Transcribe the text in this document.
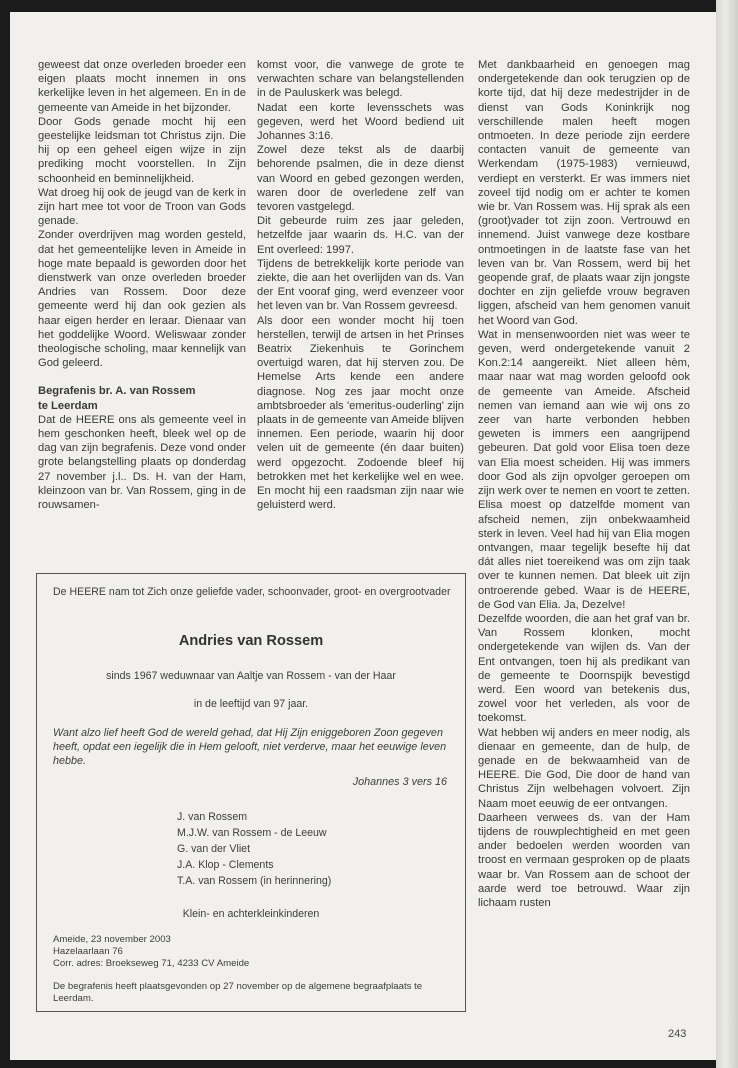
geweest dat onze overleden broeder een eigen plaats mocht innemen in ons kerkelijke leven in het algemeen. En in de gemeente van Ameide in het bijzonder.

Door Gods genade mocht hij een geestelijke leidsman tot Christus zijn. Die hij op een geheel eigen wijze in zijn prediking mocht voorstellen. In Zijn schoonheid en beminnelijkheid.

Wat droeg hij ook de jeugd van de kerk in zijn hart mee tot voor de Troon van Gods genade.

Zonder overdrijven mag worden gesteld, dat het gemeentelijke leven in Ameide in hoge mate bepaald is geworden door het dienstwerk van onze overleden broeder Andries van Rossem. Door deze gemeente werd hij dan ook gezien als haar eigen herder en leraar. Dienaar van het goddelijke Woord. Weliswaar zonder theologische scholing, maar kennelijk van God geleerd.

Begrafenis br. A. van Rossem
te Leerdam

Dat de HEERE ons als gemeente veel in hem geschonken heeft, bleek wel op de dag van zijn begrafenis. Deze vond onder grote belangstelling plaats op donderdag 27 november j.l.. Ds. H. van der Ham, kleinzoon van br. Van Rossem, ging in de rouwsamen-

komst voor, die vanwege de grote te verwachten schare van belangstellenden in de Pauluskerk was belegd.

Nadat een korte levensschets was gegeven, werd het Woord bediend uit Johannes 3:16.

Zowel deze tekst als de daarbij behorende psalmen, die in deze dienst van Woord en gebed gezongen werden, waren door de overledene zelf van tevoren vastgelegd.

Dit gebeurde ruim zes jaar geleden, hetzelfde jaar waarin ds. H.C. van der Ent overleed: 1997.

Tijdens de betrekkelijk korte periode van ziekte, die aan het overlijden van ds. Van der Ent vooraf ging, werd evenzeer voor het leven van br. Van Rossem gevreesd.

Als door een wonder mocht hij toen herstellen, terwijl de artsen in het Prinses Beatrix Ziekenhuis te Gorinchem overtuigd waren, dat hij sterven zou. De Hemelse Arts kende een andere diagnose. Nog zes jaar mocht onze ambtsbroeder als 'emeritus-ouderling' zijn plaats in de gemeente van Ameide blijven innemen. Een periode, waarin hij door velen uit de gemeente (én daar buiten) werd opgezocht. Zodoende bleef hij betrokken met het kerkelijke wel en wee. En mocht hij een raadsman zijn naar wie geluisterd werd.

Met dankbaarheid en genoegen mag ondergetekende dan ook terugzien op de korte tijd, dat hij deze medestrijder in de dienst van Gods Koninkrijk nog verschillende malen heeft mogen ontmoeten. In deze periode zijn eerdere contacten vanuit de gemeente van Werkendam (1975-1983) vernieuwd, verdiept en versterkt. Er was immers niet zoveel tijd nodig om er achter te komen wie br. Van Rossem was. Hij sprak als een (groot)vader tot zijn zoon. Vertrouwd en innemend. Juist vanwege deze kostbare ontmoetingen in de laatste fase van het leven van br. Van Rossem, werd bij het geopende graf, de plaats waar zijn jongste dochter en zijn geliefde vrouw begraven liggen, afscheid van hem genomen vanuit het Woord van God.

Wat in mensenwoorden niet was weer te geven, werd ondergetekende vanuit 2 Kon.2:14 aangereikt. Niet alleen hèm, maar naar wat mag worden geloofd ook de gemeente van Ameide. Afscheid nemen van iemand aan wie wij ons zo zeer van harte verbonden hebben geweten is immers een aangrijpend gebeuren. Dat gold voor Elisa toen deze van Elia moest scheiden. Hij was immers door God als zijn opvolger geroepen om zijn werk over te nemen en voort te zetten. Elisa moest op datzelfde moment van afscheid nemen, zijn onbekwaamheid sterk in leven. Veel had hij van Elia mogen ontvangen, maar tegelijk besefte hij dat dát alles niet toereikend was om zijn taak over te kunnen nemen. Dat bleek uit zijn ontroerende gebed. Waar is de HEERE, de God van Elia. Ja, Dezelve!

Dezelfde woorden, die aan het graf van br. Van Rossem klonken, mocht ondergetekende van wijlen ds. Van der Ent ontvangen, toen hij als predikant van de gemeente te Doornspijk bevestigd werd. Een woord van betekenis dus, zowel voor het verleden, als voor de toekomst.

Wat hebben wij anders en meer nodig, als dienaar en gemeente, dan de hulp, de genade en de bekwaamheid van de HEERE. Die God, Die door de hand van Christus Zijn welbehagen volvoert. Zijn Naam moet eeuwig de eer ontvangen.

Daarheen verwees ds. van der Ham tijdens de rouwplechtigheid en met geen ander bedoelen werden woorden van troost en vermaan gesproken op de plaats waar br. Van Rossem aan de schoot der aarde werd toe betrouwd. Waar zijn lichaam rusten

De HEERE nam tot Zich onze geliefde vader, schoonvader, groot- en overgrootvader
Andries van Rossem
sinds 1967 weduwnaar van Aaltje van Rossem - van der Haar
in de leeftijd van 97 jaar.
Want alzo lief heeft God de wereld gehad, dat Hij Zijn eniggeboren Zoon gegeven heeft, opdat een iegelijk die in Hem gelooft, niet verderve, maar het eeuwige leven hebbe.
Johannes 3 vers 16
J. van Rossem
M.J.W. van Rossem - de Leeuw
G. van der Vliet
J.A. Klop - Clements
T.A. van Rossem (in herinnering)
Klein- en achterkleinkinderen
Ameide, 23 november 2003
Hazelaarlaan 76
Corr. adres: Broekseweg 71, 4233 CV Ameide
De begrafenis heeft plaatsgevonden op 27 november op de algemene begraafplaats te Leerdam.
243
